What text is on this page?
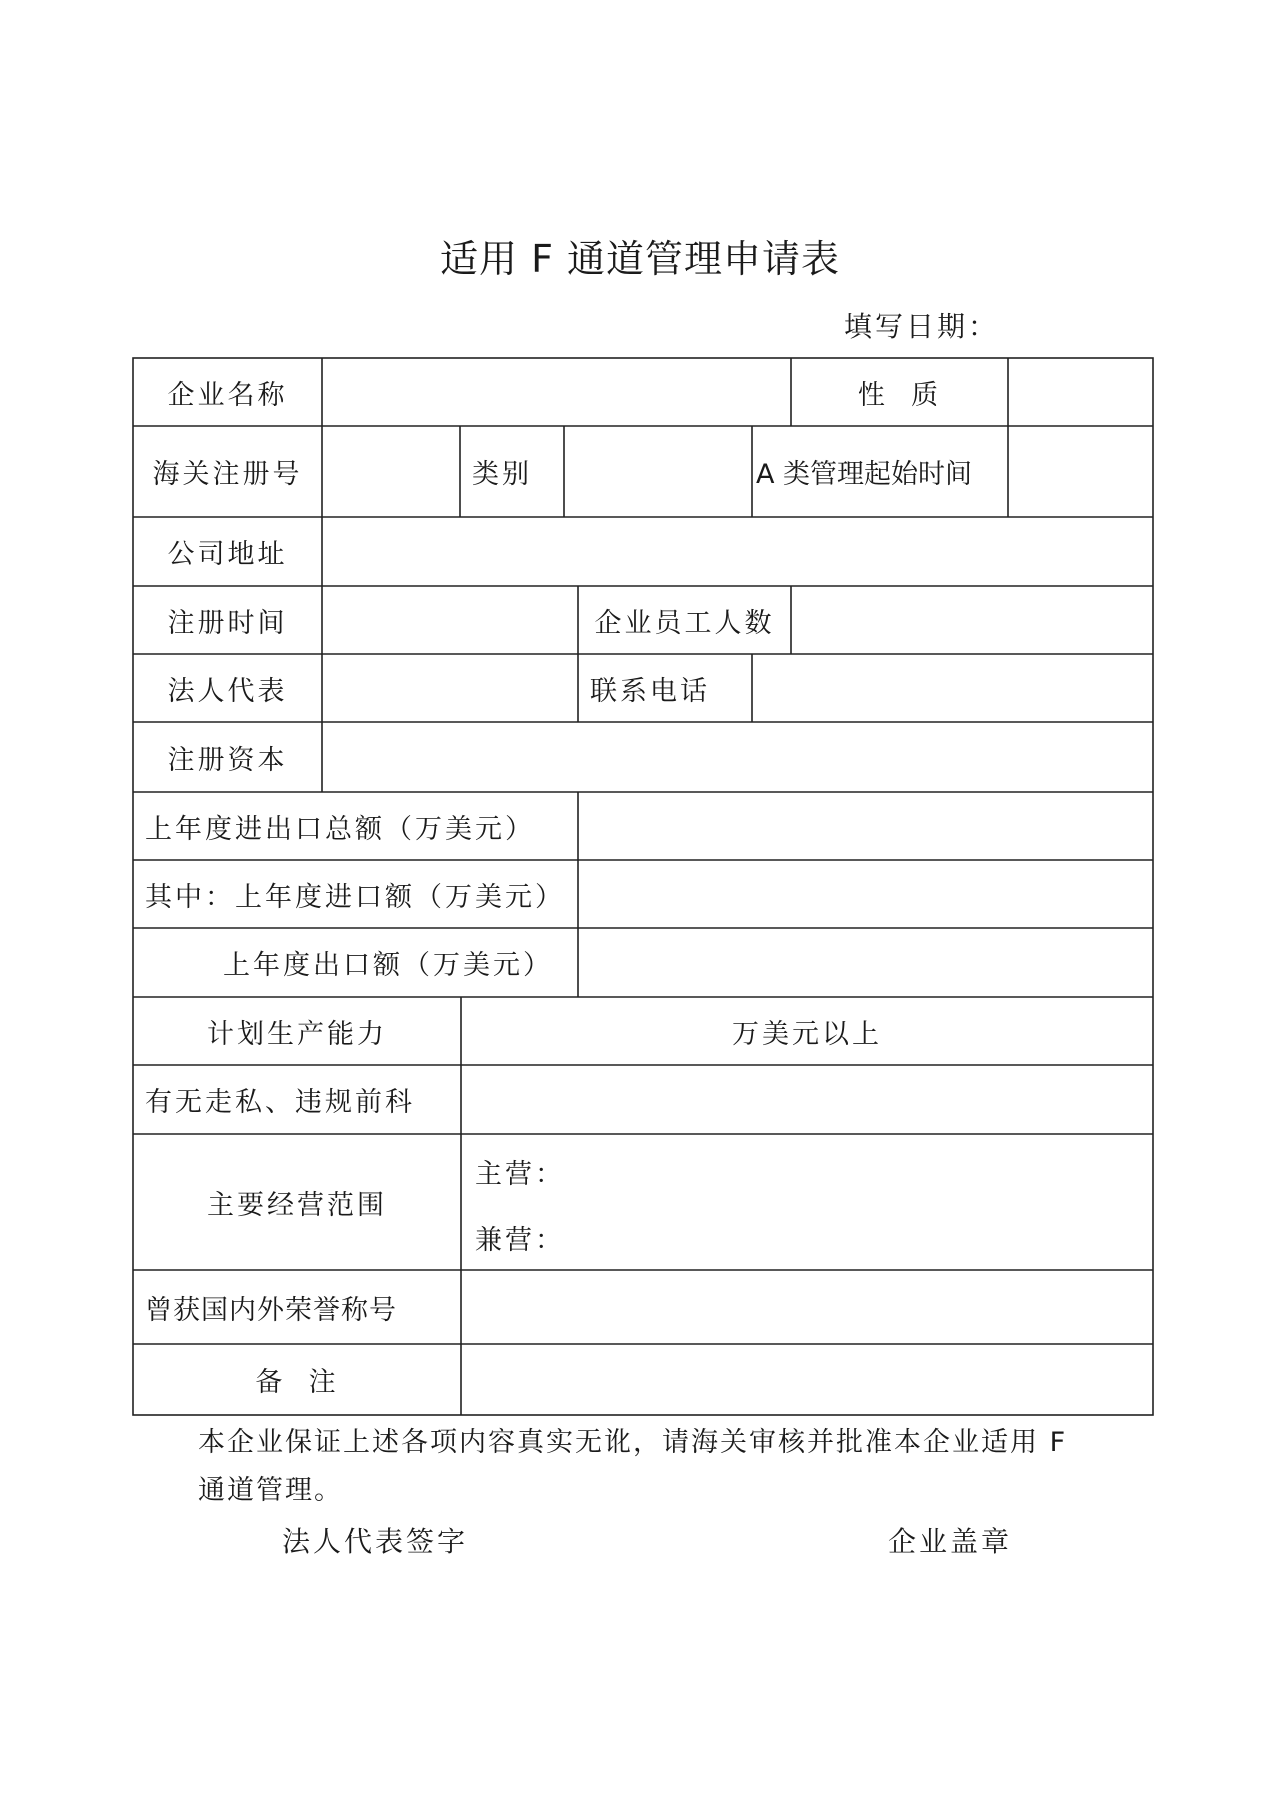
适用 F 通道管理申请表
填写日期：
企业名称	性  质
海关注册号	类别	A 类管理起始时间
公司地址
注册时间	企业员工人数
法人代表	联系电话
注册资本
上年度进出口总额（万美元）
其中：上年度进口额（万美元）
上年度出口额（万美元）
计划生产能力	万美元以上
有无走私、违规前科
主要经营范围
主营：
兼营：
曾获国内外荣誉称号
备  注
本企业保证上述各项内容真实无讹，请海关审核并批准本企业适用 F 通道管理。
法人代表签字	企业盖章
